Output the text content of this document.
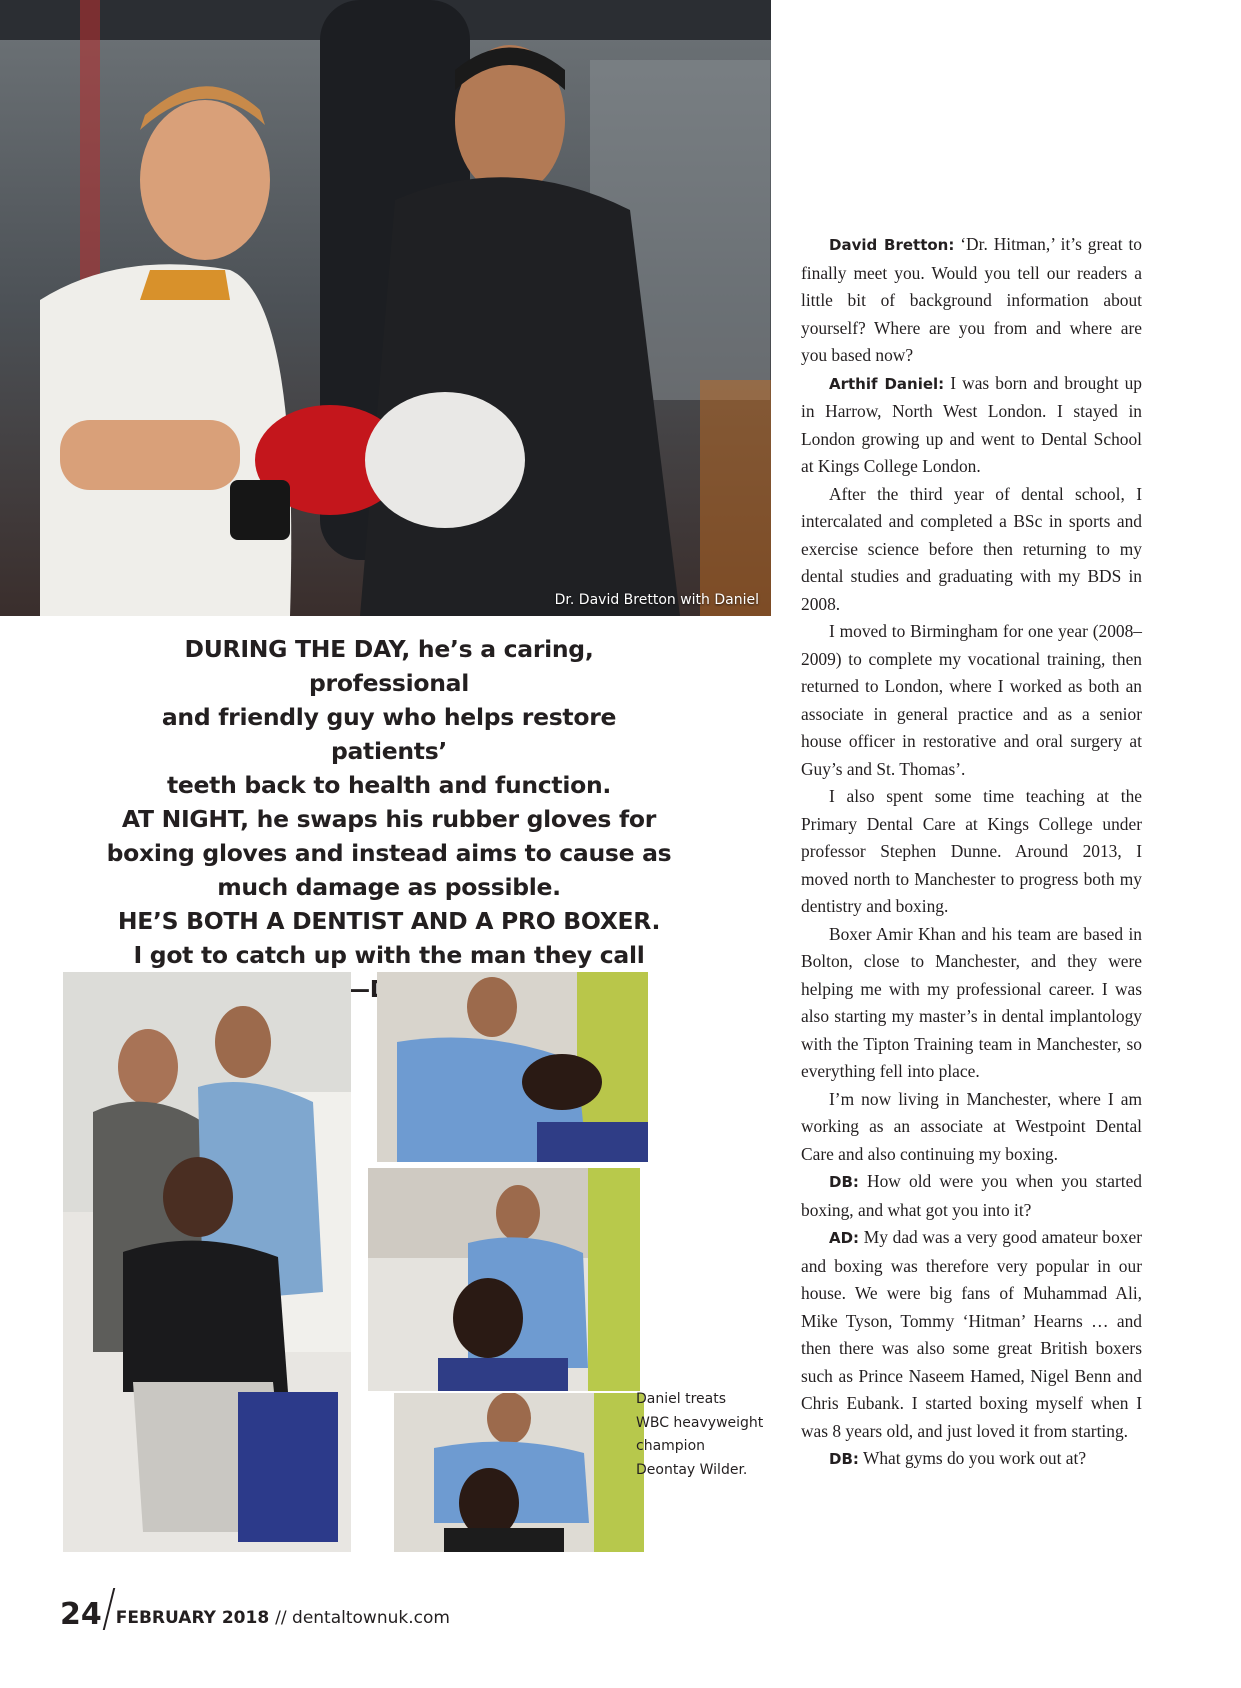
Dr. David Bretton with Daniel
DURING THE DAY, he’s a caring, professional
and friendly guy who helps restore patients’
teeth back to health and function.
AT NIGHT, he swaps his rubber gloves for
boxing gloves and instead aims to cause as
much damage as possible.
HE’S BOTH A DENTIST AND A PRO BOXER.
I got to catch up with the man they call
Daniel treats
WBC heavyweight
champion
Deontay Wilder.

David Bretton: ‘Dr. Hitman,’ it’s great to finally meet you. Would you tell our readers a little bit of background information about yourself? Where are you from and where are you based now?

Arthif Daniel: I was born and brought up in Harrow, North West London. I stayed in London growing up and went to Dental School at Kings College London.

After the third year of dental school, I intercalated and completed a BSc in sports and exercise science before then returning to my dental studies and graduating with my BDS in 2008.

I moved to Birmingham for one year (2008–2009) to complete my vocational training, then returned to London, where I worked as both an associate in general practice and as a senior house officer in restorative and oral surgery at Guy’s and St. Thomas’.

I also spent some time teaching at the Primary Dental Care at Kings College under professor Stephen Dunne. Around 2013, I moved north to Manchester to progress both my dentistry and boxing.

Boxer Amir Khan and his team are based in Bolton, close to Manchester, and they were helping me with my professional career. I was also starting my master’s in dental implantology with the Tipton Training team in Manchester, so everything fell into place.

I’m now living in Manchester, where I am working as an associate at Westpoint Dental Care and also continuing my boxing.

DB: How old were you when you started boxing, and what got you into it?

AD: My dad was a very good amateur boxer and boxing was therefore very popular in our house. We were big fans of Muhammad Ali, Mike Tyson, Tommy ‘Hitman’ Hearns … and then there was also some great British boxers such as Prince Naseem Hamed, Nigel Benn and Chris Eubank. I started boxing myself when I was 8 years old, and just loved it from starting.

DB: What gyms do you work out at?

24 FEBRUARY 2018 // dentaltownuk.com
